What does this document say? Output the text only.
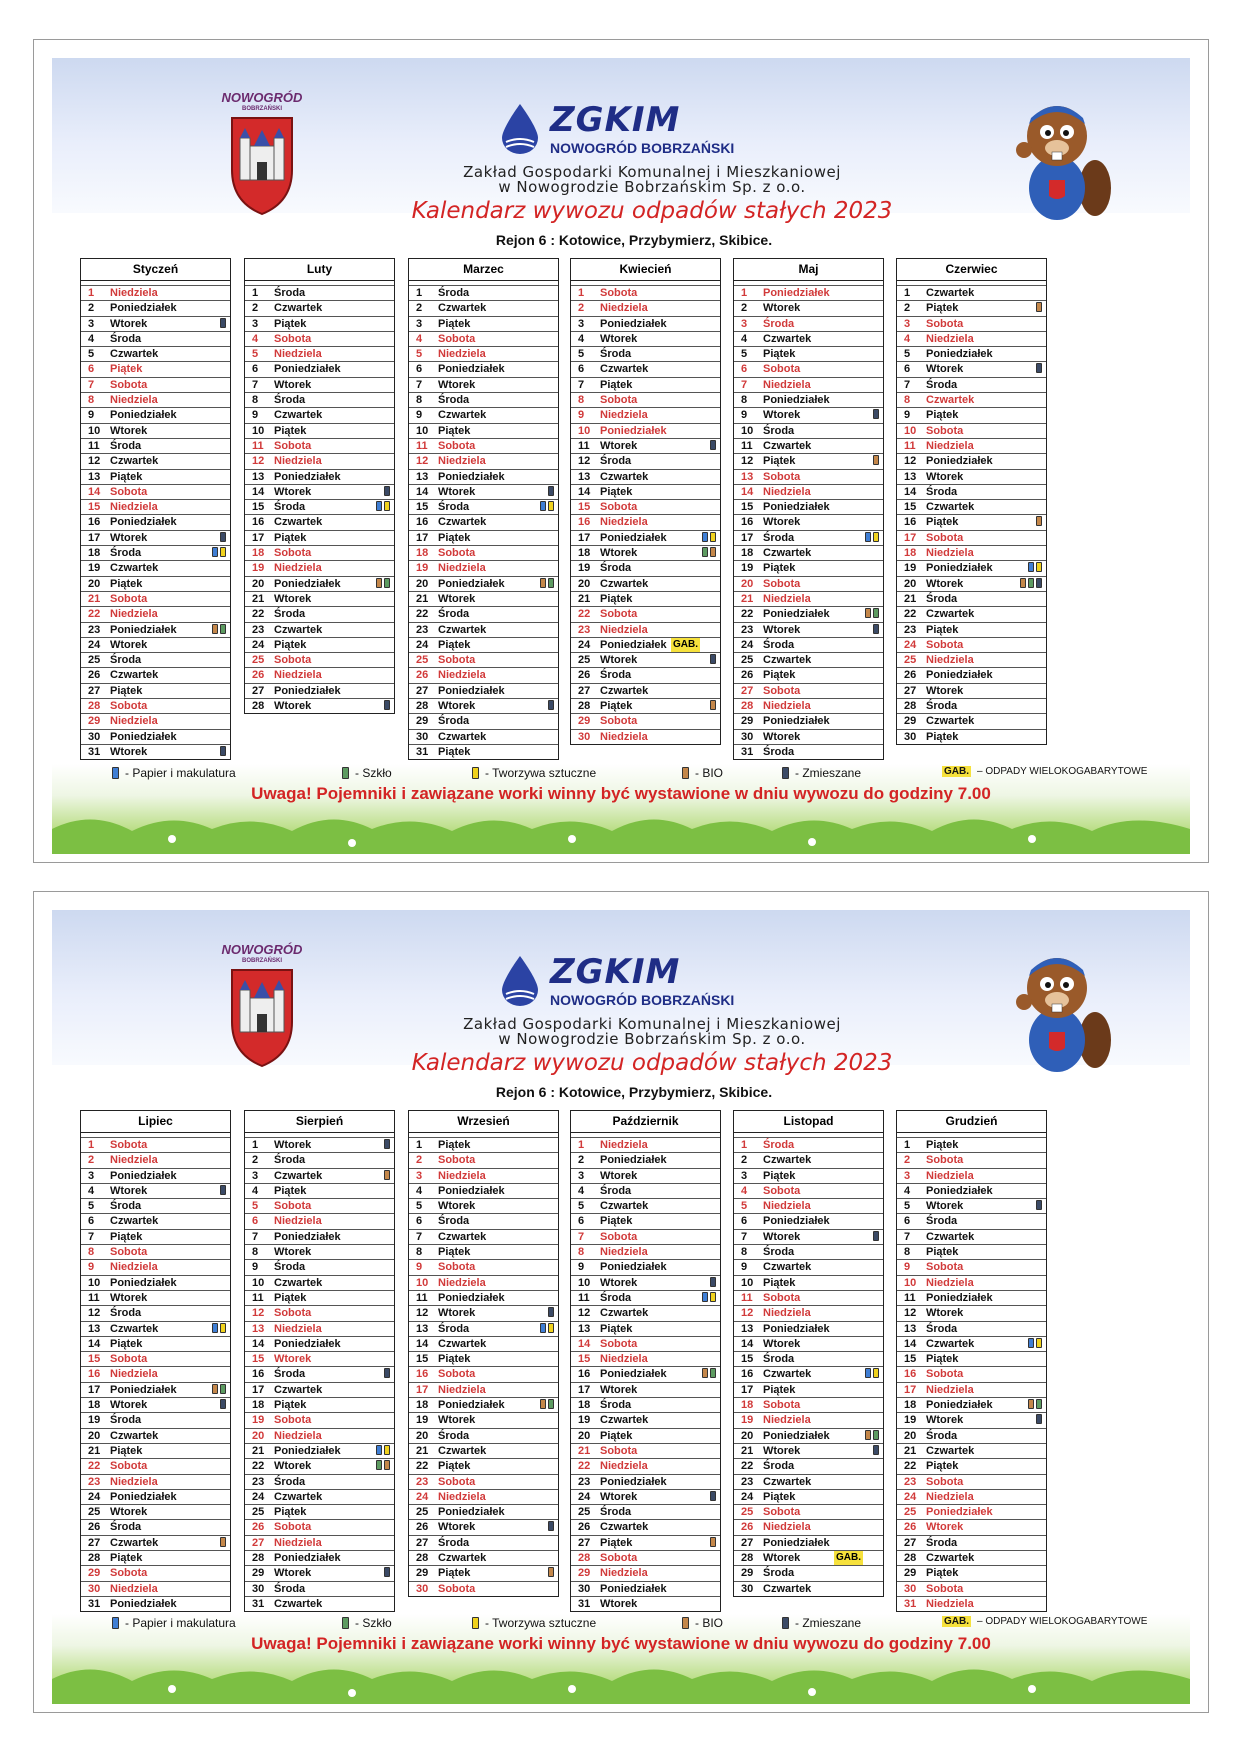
NOWOGRÓD
BOBRZAŃSKI	ZGKIM
NOWOGRÓD BOBRZAŃSKI
Zakład Gospodarki Komunalnej i Mieszkaniowej
w Nowogrodzie Bobrzańskim Sp. z o.o.
Kalendarz wywozu odpadów stałych 2023
Rejon 6 : Kotowice, Przybymierz, Skibice.
Styczeń
1	Niedziela
2	Poniedziałek
3	Wtorek
4	Środa
5	Czwartek
6	Piątek
7	Sobota
8	Niedziela
9	Poniedziałek
10 Wtorek
11 Środa
12 Czwartek
13 Piątek
14 Sobota
15 Niedziela
16 Poniedziałek
17 Wtorek
18 Środa
19 Czwartek
20 Piątek
21 Sobota
22 Niedziela
23 Poniedziałek
24 Wtorek
25 Środa
26 Czwartek
27 Piątek
28 Sobota
29 Niedziela
30 Poniedziałek
31 Wtorek
Luty
1	Środa
2	Czwartek
3	Piątek
4	Sobota
5	Niedziela
6	Poniedziałek
7	Wtorek
8	Środa
9	Czwartek
10 Piątek
11 Sobota
12 Niedziela
13 Poniedziałek
14 Wtorek
15 Środa
16 Czwartek
17 Piątek
18 Sobota
19 Niedziela
20 Poniedziałek
21 Wtorek
22 Środa
23 Czwartek
24 Piątek
25 Sobota
26 Niedziela
27 Poniedziałek
28 Wtorek
Marzec
1	Środa
2	Czwartek
3	Piątek
4	Sobota
5	Niedziela
6	Poniedziałek
7	Wtorek
8	Środa
9	Czwartek
10 Piątek
11 Sobota
12 Niedziela
13 Poniedziałek
14 Wtorek
15 Środa
16 Czwartek
17 Piątek
18 Sobota
19 Niedziela
20 Poniedziałek
21 Wtorek
22 Środa
23 Czwartek
24 Piątek
25 Sobota
26 Niedziela
27 Poniedziałek
28 Wtorek
29 Środa
30 Czwartek
31 Piątek
Kwiecień
1	Sobota
2	Niedziela
3	Poniedziałek
4	Wtorek
5	Środa
6	Czwartek
7	Piątek
8	Sobota
9	Niedziela
10 Poniedziałek
11 Wtorek
12 Środa
13 Czwartek
14 Piątek
15 Sobota
16 Niedziela
17 Poniedziałek
18 Wtorek
19 Środa
20 Czwartek
21 Piątek
22 Sobota
23 Niedziela
24 Poniedziałek GAB.
25 Wtorek
26 Środa
27 Czwartek
28 Piątek
29 Sobota
30 Niedziela
Maj
1	Poniedziałek
2	Wtorek
3	Środa
4	Czwartek
5	Piątek
6	Sobota
7	Niedziela
8	Poniedziałek
9	Wtorek
10 Środa
11 Czwartek
12 Piątek
13 Sobota
14 Niedziela
15 Poniedziałek
16 Wtorek
17 Środa
18 Czwartek
19 Piątek
20 Sobota
21 Niedziela
22 Poniedziałek
23 Wtorek
24 Środa
25 Czwartek
26 Piątek
27 Sobota
28 Niedziela
29 Poniedziałek
30 Wtorek
31 Środa
Czerwiec
1	Czwartek
2	Piątek
3	Sobota
4	Niedziela
5	Poniedziałek
6	Wtorek
7	Środa
8	Czwartek
9	Piątek
10 Sobota
11 Niedziela
12 Poniedziałek
13 Wtorek
14 Środa
15 Czwartek
16 Piątek
17 Sobota
18 Niedziela
19 Poniedziałek
20 Wtorek
21 Środa
22 Czwartek
23 Piątek
24 Sobota
25 Niedziela
26 Poniedziałek
27 Wtorek
28 Środa
29 Czwartek
30 Piątek
- Papier i makulatura	- Szkło	- Tworzywa sztuczne	- BIO	- Zmieszane	GAB. – ODPADY WIELOKOGABARYTOWE
Uwaga! Pojemniki i zawiązane worki winny być wystawione w dniu wywozu do godziny 7.00
NOWOGRÓD
BOBRZAŃSKI	ZGKIM
NOWOGRÓD BOBRZAŃSKI
Zakład Gospodarki Komunalnej i Mieszkaniowej
w Nowogrodzie Bobrzańskim Sp. z o.o.
Kalendarz wywozu odpadów stałych 2023
Rejon 6 : Kotowice, Przybymierz, Skibice.
Lipiec
1	Sobota
2	Niedziela
3	Poniedziałek
4	Wtorek
5	Środa
6	Czwartek
7	Piątek
8	Sobota
9	Niedziela
10 Poniedziałek
11 Wtorek
12 Środa
13 Czwartek
14 Piątek
15 Sobota
16 Niedziela
17 Poniedziałek
18 Wtorek
19 Środa
20 Czwartek
21 Piątek
22 Sobota
23 Niedziela
24 Poniedziałek
25 Wtorek
26 Środa
27 Czwartek
28 Piątek
29 Sobota
30 Niedziela
31 Poniedziałek
Sierpień
1	Wtorek
2	Środa
3	Czwartek
4	Piątek
5	Sobota
6	Niedziela
7	Poniedziałek
8	Wtorek
9	Środa
10 Czwartek
11 Piątek
12 Sobota
13 Niedziela
14 Poniedziałek
15 Wtorek
16 Środa
17 Czwartek
18 Piątek
19 Sobota
20 Niedziela
21 Poniedziałek
22 Wtorek
23 Środa
24 Czwartek
25 Piątek
26 Sobota
27 Niedziela
28 Poniedziałek
29 Wtorek
30 Środa
31 Czwartek
Wrzesień
1	Piątek
2	Sobota
3	Niedziela
4	Poniedziałek
5	Wtorek
6	Środa
7	Czwartek
8	Piątek
9	Sobota
10 Niedziela
11 Poniedziałek
12 Wtorek
13 Środa
14 Czwartek
15 Piątek
16 Sobota
17 Niedziela
18 Poniedziałek
19 Wtorek
20 Środa
21 Czwartek
22 Piątek
23 Sobota
24 Niedziela
25 Poniedziałek
26 Wtorek
27 Środa
28 Czwartek
29 Piątek
30 Sobota
Październik
1	Niedziela
2	Poniedziałek
3	Wtorek
4	Środa
5	Czwartek
6	Piątek
7	Sobota
8	Niedziela
9	Poniedziałek
10 Wtorek
11 Środa
12 Czwartek
13 Piątek
14 Sobota
15 Niedziela
16 Poniedziałek
17 Wtorek
18 Środa
19 Czwartek
20 Piątek
21 Sobota
22 Niedziela
23 Poniedziałek
24 Wtorek
25 Środa
26 Czwartek
27 Piątek
28 Sobota
29 Niedziela
30 Poniedziałek
31 Wtorek
Listopad
1	Środa
2	Czwartek
3	Piątek
4	Sobota
5	Niedziela
6	Poniedziałek
7	Wtorek
8	Środa
9	Czwartek
10 Piątek
11 Sobota
12 Niedziela
13 Poniedziałek
14 Wtorek
15 Środa
16 Czwartek
17 Piątek
18 Sobota
19 Niedziela
20 Poniedziałek
21 Wtorek
22 Środa
23 Czwartek
24 Piątek
25 Sobota
26 Niedziela
27 Poniedziałek
28 Wtorek	GAB.
29 Środa
30 Czwartek
Grudzień
1	Piątek
2	Sobota
3	Niedziela
4	Poniedziałek
5	Wtorek
6	Środa
7	Czwartek
8	Piątek
9	Sobota
10 Niedziela
11 Poniedziałek
12 Wtorek
13 Środa
14 Czwartek
15 Piątek
16 Sobota
17 Niedziela
18 Poniedziałek
19 Wtorek
20 Środa
21 Czwartek
22 Piątek
23 Sobota
24 Niedziela
25 Poniedziałek
26 Wtorek
27 Środa
28 Czwartek
29 Piątek
30 Sobota
31 Niedziela
- Papier i makulatura	- Szkło	- Tworzywa sztuczne	- BIO	- Zmieszane	GAB. – ODPADY WIELOKOGABARYTOWE
Uwaga! Pojemniki i zawiązane worki winny być wystawione w dniu wywozu do godziny 7.00
